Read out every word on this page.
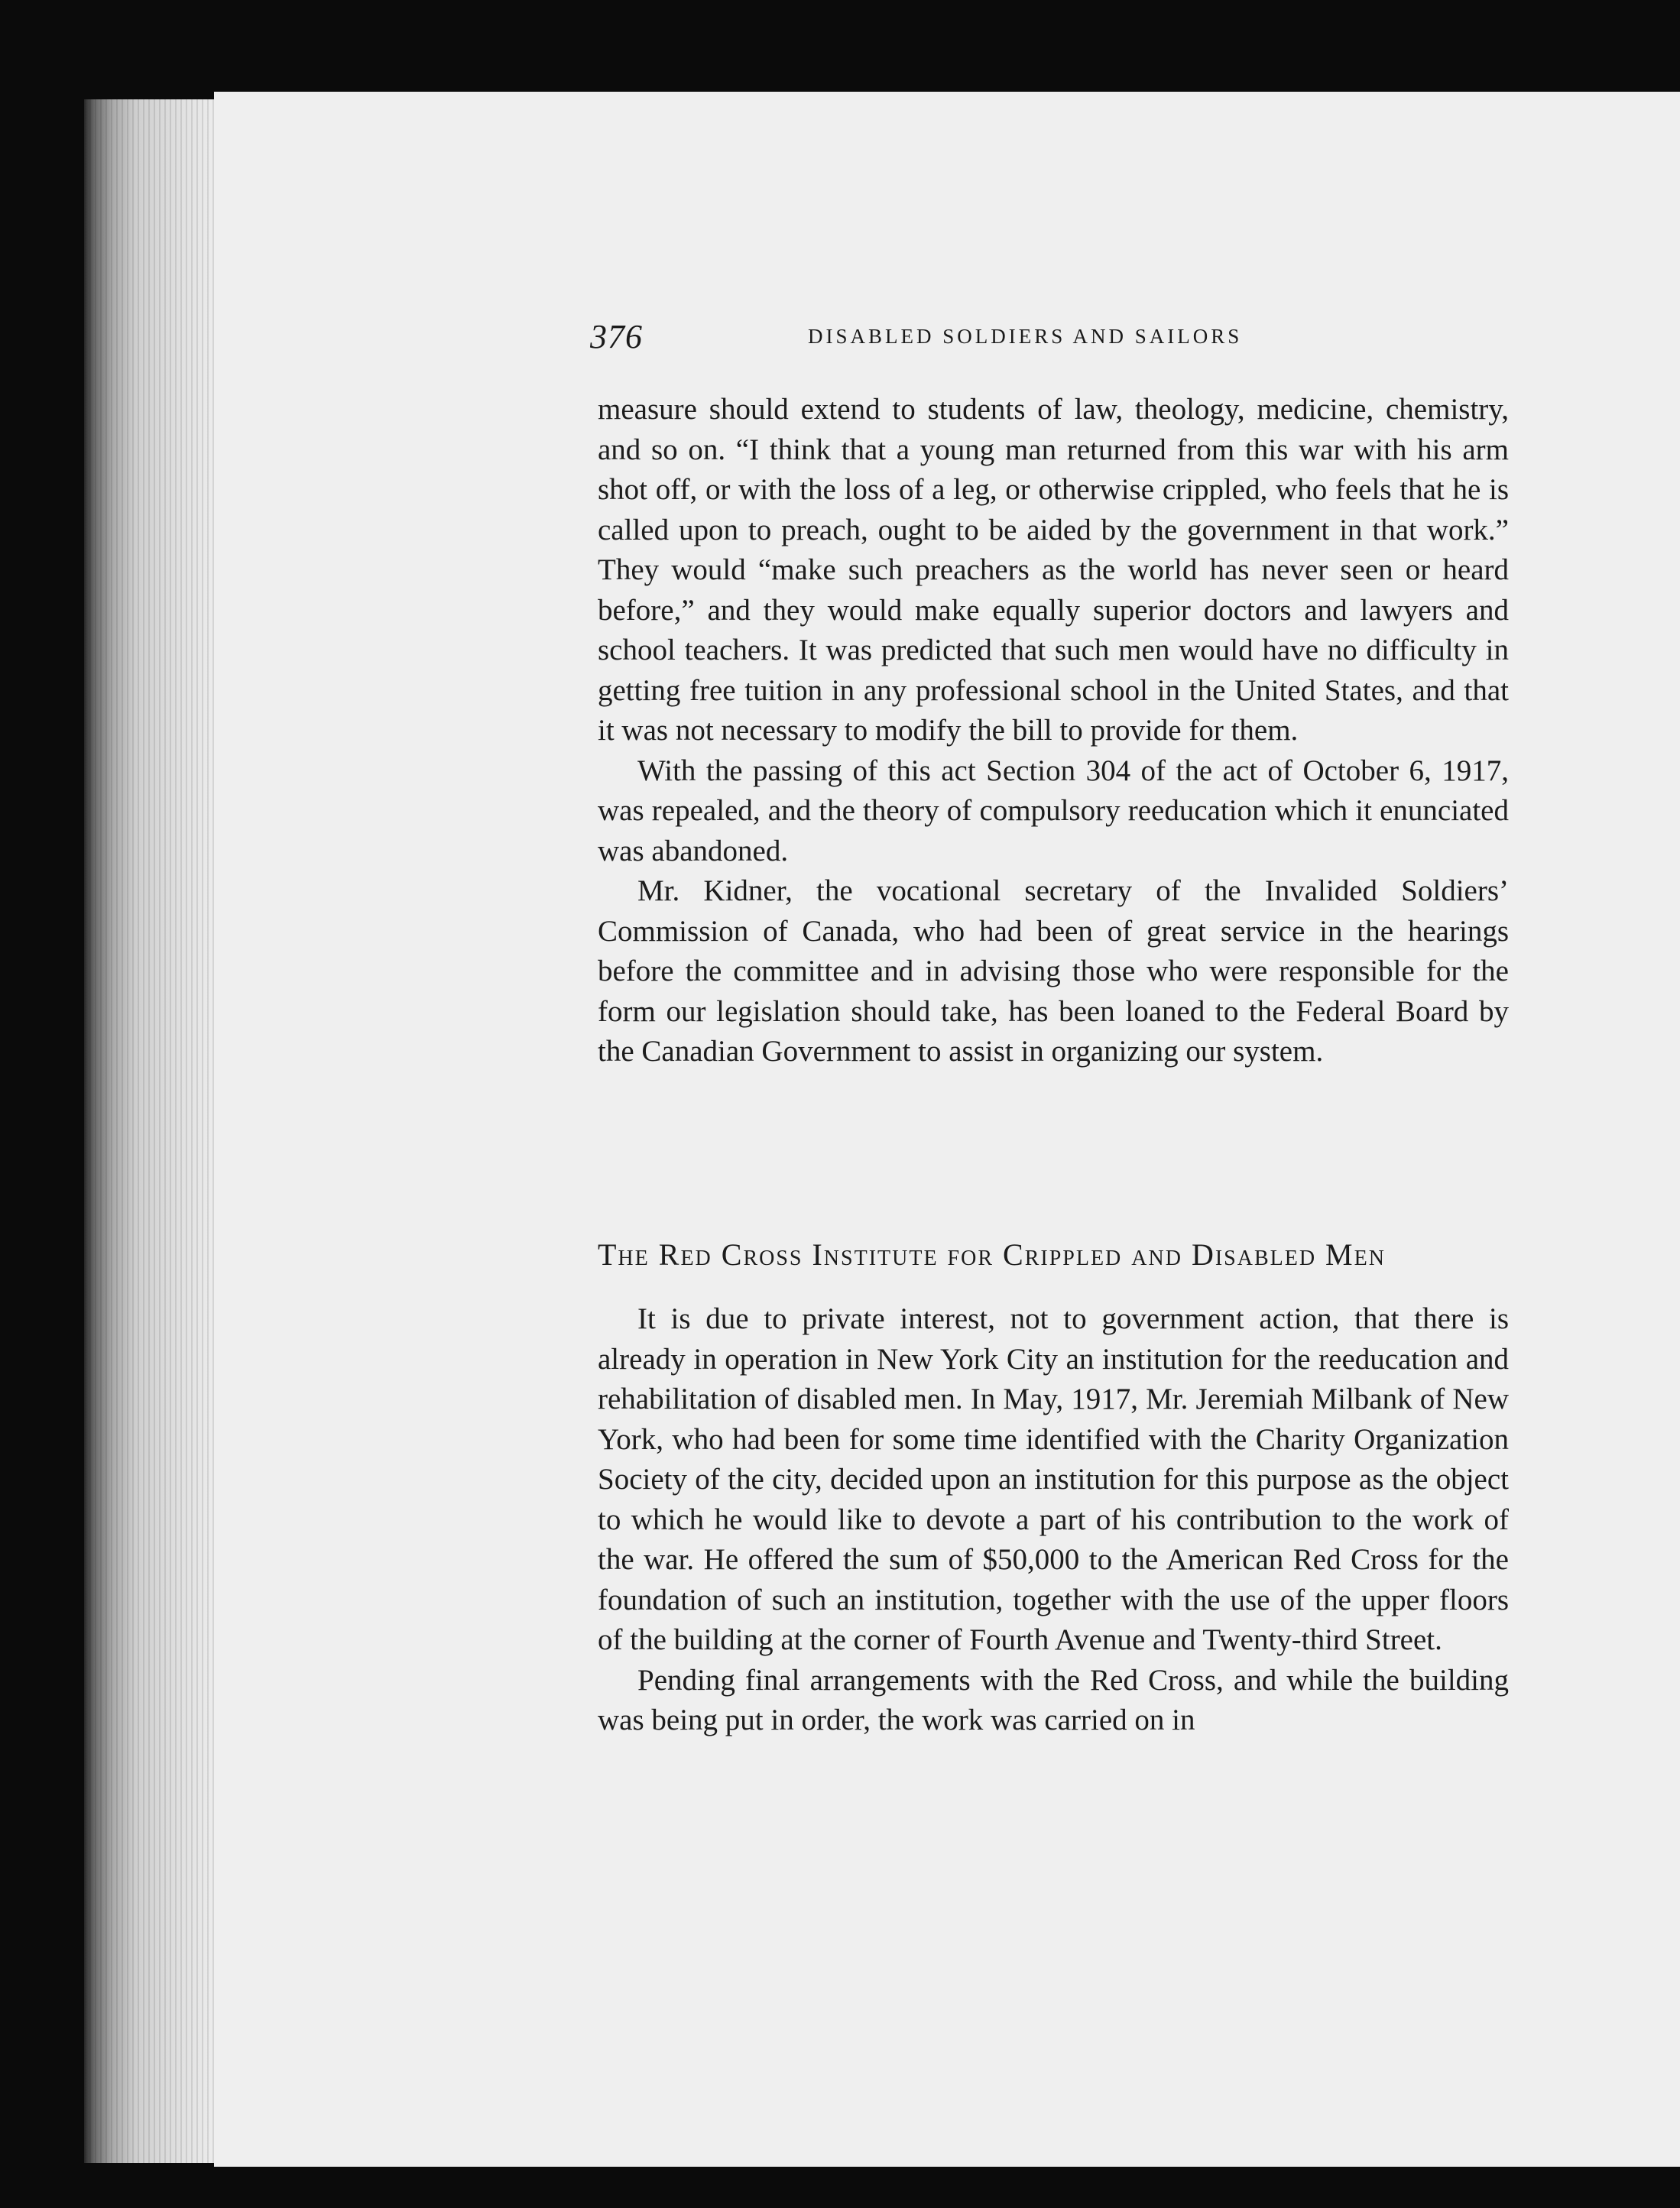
376	DISABLED SOLDIERS AND SAILORS

measure should extend to students of law, theology, medicine, chemistry, and so on. “I think that a young man returned from this war with his arm shot off, or with the loss of a leg, or otherwise crippled, who feels that he is called upon to preach, ought to be aided by the government in that work.” They would “make such preachers as the world has never seen or heard before,” and they would make equally superior doctors and lawyers and school teachers. It was predicted that such men would have no difficulty in getting free tuition in any professional school in the United States, and that it was not necessary to modify the bill to provide for them.

With the passing of this act Section 304 of the act of October 6, 1917, was repealed, and the theory of compulsory reeducation which it enunciated was abandoned.

Mr. Kidner, the vocational secretary of the Invalided Soldiers’ Commission of Canada, who had been of great service in the hearings before the committee and in advising those who were responsible for the form our legislation should take, has been loaned to the Federal Board by the Canadian Government to assist in organizing our system.

The Red Cross Institute for Crippled and Disabled Men

It is due to private interest, not to government action, that there is already in operation in New York City an institution for the reeducation and rehabilitation of disabled men. In May, 1917, Mr. Jeremiah Milbank of New York, who had been for some time identified with the Charity Organization Society of the city, decided upon an institution for this purpose as the object to which he would like to devote a part of his contribution to the work of the war. He offered the sum of $50,000 to the American Red Cross for the foundation of such an institution, together with the use of the upper floors of the building at the corner of Fourth Avenue and Twenty-third Street.

Pending final arrangements with the Red Cross, and while the building was being put in order, the work was carried on in
